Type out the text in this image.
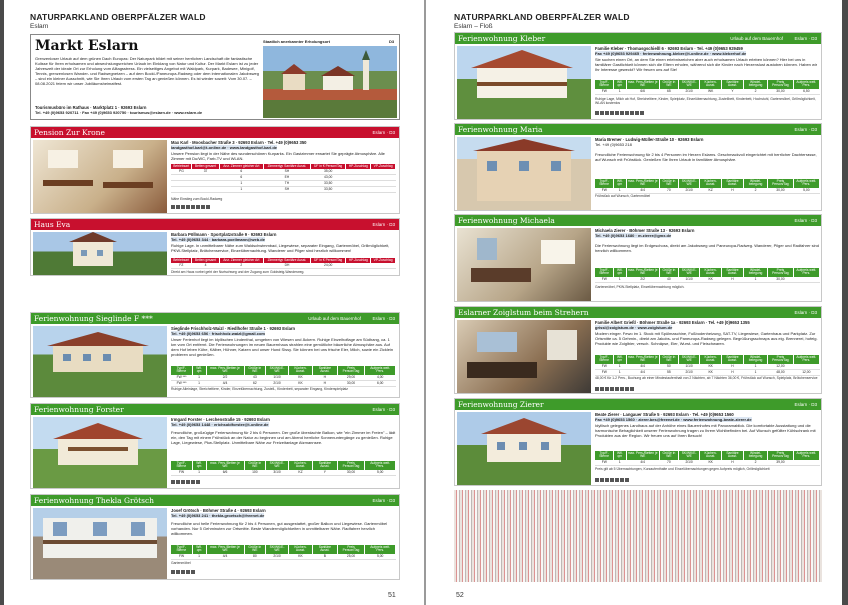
NATURPARKLAND OBERPFÄLZER WALD
Eslarn
Markt Eslarn
Grenzenloser Urlaub auf dem grünen Dach Europas: Der Naturpark bildet mit seiner herrlichen Landschaft die fantastische Kulisse für Ihren erholsamen und abwechslungsreichen Urlaub im Einklang von Natur und Kultur. Der Markt Eslarn ist zu jeder Jahreszeit der ideale Ort zur Erholung vom Alltagsstress. Ein vielseitiges Angebot mit Waldpark, Kurpark, Badesee, Minigolf, Tennis, grenzenlosen Wander- und Radwegnetzen – auf dem Bockl-/Paneuropa-Radweg oder dem internationalen Jakobsweg – sind ein kleiner Ausschnitt, wie Sie Ihren Urlaub vom ersten Tag an genießen können. Es ist wieder soweit: Vom 30.07. – 08.08.2021 feiern wir unser Jubiläumsheimatfest.
Tourismusbüro im Rathaus · Marktplatz 1 · 92693 Eslarn
Tel. +49 (0)9653 920711 · Fax +49 (0)9653 920750 · tourismus@eslarn.de · www.eslarn.de
Staatlich anerkannter Erholungsort	D3
Pension Zur Krone	Eslarn · D3
Max Karl · Moosbacher Straße 3 · 92693 Eslarn · Tel. +49 (0)9653 350
landgasthof-karl@t-online.de · www.landgasthof-karl.de
Unsere Pension liegt in der Nähe des wunderschönen Kurparks. Ein Gastzimmer erwartet Sie geprägte Atmosphäre. Alle Zimmer mit Du/WC, Farb-TV und WLAN.
Betriebsart	Betten gesamt	Anz. Zimmer gleicher Art	Zimmertyp Sanitäre Ausst.	ÜF in € Person/Tag	HP-Zuschlag	VP-Zuschlag
PG	37	6	SH	35,00		
		6	EH	43,00		
		1	TH	33,50		
		1	SH	33,50		
Nähe Einstieg zum Bockl-Radweg
Haus Eva	Eslarn · D3
Barbara Pöllmann · Sportplatzstraße 9 · 92693 Eslarn
Tel. +49 (0)9653 344 · barbara.poellmann@web.de
Ruhige Lage. In unmittelbarer Nähe zum Waldschwimmbad, Liegewiese, separater Eingang, Gartenmöbel, Grillmöglichkeit, PKW-Stellplatz, Brötchenservice, Einzelübernachtung. Wanderer und Pilger sind herzlich willkommen!
Betriebsart	Betten gesamt	Anz. Zimmer gleicher Art	Zimmertyp Sanitäre Ausst.	ÜF in € Person/Tag	HP-Zuschlag	VP-Zuschlag
FZ	4	2	DH	24,00		
Direkt am Haus vorbei geht der Nurtschweg und der Zugang zum Goldsteig-Wanderweg.
Ferienwohnung Sieglinde F ***	Urlaub auf dem Bauernhof	Eslarn · D3
Sieglinde Frischholz-Waizl · Riedlhofer Straße 1 · 92693 Eslarn
Tel. +49 (0)9653 656 · frischholz.waizl@gmail.com
Unser Ferienhof liegt im Idyllischen Lindenthal, umgeben von Wiesen und Äckern. Ruhige Einzelhoflage am Südhang, ca. 1 km vom Ort entfernt. Die Ferienwohnungen im neuen Bauernhaus strahlen eine gemütliche bäuerliche Atmosphäre aus. Auf dem Hof leben Kühe, Kälber, Hühner, Katzen und unser Hund Sissy. Sie können bei uns frische Eier, Milch, sowie ein Zicklein probieren und genießen.
Typ/F-Sterne	Wfl. qm	max. Pers./Betten je WE	Größe in WE	SK/WK/E-WE	Küchen-Ausst.	Sanitäre Ausst.	Preis Person/Tag	Aufpreis weit. Pers.
FW ***	1	2/2	43	1/1/0	KK	H	29,00	4,00
FW ***	1	4/4	62	2/1/0	KK	H	30,00	6,00
Ruhige Alleinlage, Streicheltiere, Kinder, Einzelübernachtung, Zustell-, Kinderbett, separater Eingang, Kinderspielplatz
Ferienwohnung Forster	Eslarn · D3
Irmgard Forster · Lerchenstraße 15 · 92693 Eslarn
Tel. +49 (0)9653 1448 · erichsoldforster@t-online.de
Freundliche, großzügige Ferienwohnung für 2 bis 6 Personen. Der große überdachte Balkon, wie "ein Zimmer im Freien" – lädt ein, den Tag mit einem Frühstück an der Natur zu beginnen und am Abend herrliche Sonnenuntergänge zu genießen. Ruhige Lage, Liegewiese, Pkw-Stellplatz. Unmittelbare Nähe zur Freizeitanlage Atzmannsee.
Typ/F-Sterne	Wfl. qm	max. Pers./Betten je WE	Größe in WE	SK/WK/E-WE	Küchen-Ausst.	Sanitäre Ausst.	Preis Person/Tag	Aufpreis weit. Pers.
FW	1	6/6	100	3/1/0	KZ	Y	30,00	5,00
Ferienwohnung Thekla Grötsch	Eslarn · D3
Josef Grötsch · Böhmer Straße 4 · 92693 Eslarn
Tel. +49 (0)9653 241 · thekla.groetsch@freenet.de
Freundliche und helle Ferienwohnung für 2 bis 4 Personen, gut ausgestattet, großer Balkon und Liegewiese. Gartenmöbel vorhanden. Nur 5 Gehminuten zur Ortsmitte. Beste Wandermöglichkeiten in unmittelbarer Nähe. Radfahrer herzlich willkommen.
Typ/F-Sterne	Wfl. qm	max. Pers./Betten je WE	Größe in WE	SK/WK/E-WE	Küchen-Ausst.	Sanitäre Ausst.	Preis Person/Tag	Aufpreis weit. Pers.
FW	1	4/4	80	2/1/0	KK	B	25,00	5,00
Gartenmöbel
51
NATURPARKLAND OBERPFÄLZER WALD
Eslarn – Floß
Ferienwohnung Kleber	Urlaub auf dem Bauernhof	Eslarn · D3
Familie Kleber · Thomasgschießl 6 · 92693 Eslarn · Tel. +49 (0)9653 929459
Fax +49 (0)9653 929465 · ferienwohnung-kleber@t-online.de · www.kleberhof.de
Sie suchen einen Ort, an dem Sie einen erlebnisreichen aber auch erholsamen Urlaub erleben können? Hier bei uns in familiärer Gastlichkeit können sich die Eltern erholen, während sich die Kinder nach Herzenslust austoben können. Haben wir Ihr Interesse geweckt? Wir freuen uns auf Sie!
Typ/F-Sterne	Wfl. qm	max. Pers./Betten je WE	Größe in WE	SK/WK/E-WE	Küchen-Ausst.	Sanitäre Ausst.	Windel-belegung	Preis Person/Tag	Aufpreis weit. Pers.
FW	1	6/6	65	2/1/0	WK	Y	2	30,00	6,50
Ruhige Lage, Milch ab Hof, Streicheltiere, Kinder, Spielplatz, Einzelübernachtung, Zustellbett, Kinderbett, Hochstuhl, Gartenmöbel, Grillmöglichkeit, WLAN kostenlos
Ferienwohnung Maria	Eslarn · D3
Maria Bremer · Ludwig-Müller-Straße 10 · 92693 Eslarn
Tel. +49 (0)9653 218
Freundliche Ferienwohnung für 2 bis 4 Personen im Herzen Eslarns. Geschmackvoll eingerichtet mit herrlicher Dachterrasse, auf Wunsch mit Frühstück. Genießen Sie Ihren Urlaub in familiärer Atmosphäre.
Typ/F-Sterne	Wfl. qm	max. Pers./Betten je WE	Größe in WE	SK/WK/E-WE	Küchen-Ausst.	Sanitäre Ausst.	Windel-belegung	Preis Person/Tag	Aufpreis weit. Pers.
FW	1	4/4	70	2/1/0	KZ	H	2	30,00	5,00
Frühstück auf Wunsch, Gartenmöbel
Ferienwohnung Michaela	Eslarn · D3
Michaela Zierer · Böhmer Straße 13 · 92693 Eslarn
Tel. +49 (0)9653 1680 · m.zierer@gmx.de
Die Ferienwohnung liegt im Erdgeschoss, direkt am Jakobsweg und Paneuropa-Radweg. Wanderer, Pilger und Radfahrer sind herzlich willkommen.
Typ/F-Sterne	Wfl. qm	max. Pers./Betten je WE	Größe in WE	SK/WK/E-WE	Küchen-Ausst.	Sanitäre Ausst.	Windel-belegung	Preis Person/Tag	Aufpreis weit. Pers.
FW	1	2/2	40	1/1/0	KK	H	1	30,00	
Gartenmöbel, PKW-Stellplatz, Einzelübernachtung möglich.
Eslarner Zoiglstum beim Strehern	Eslarn · D3
Familie Albert Grießl · Böhmer Straße 1a · 92693 Eslarn · Tel. +49 (0)9653 1355
grissl@zoiglstum.de · www.zoiglstum.de
Modern einger. Fewo im 1. Stock mit Spülmaschine, Fußbodenheizung, SAT-TV, Liegewiese, Gartenhaus und Parkplatz. Zur Ortsmitte ca. 5 Gehmin., direkt am Jakobs- und Paneuropa-Radweg gelegen. Begrüßungsschnaps aus eig. Brennerei, hofeig. Produkte wie Zoiglbier, versch. Schnäpse, Eier, Wurst- und Fleischwaren.
Typ/F-Sterne	Wfl. qm	max. Pers./Betten je WE	Größe in WE	SK/WK/E-WE	Küchen-Ausst.	Sanitäre Ausst.	Windel-belegung	Preis Person/Tag	Aufpreis weit. Pers.
FW	1	4/4	50	1/1/0	KK	H	1	12,00	
FW	1	4/4	55	2/1/0	KK	H	1	48,00	12,00
48,00 € für 1-2 Pers., Buchung ab einer Mindestaufenthalt von 2 Nächten, ab 7 Nächten 36,00 €, Frühstück auf Wunsch, Spielplatz, Brötchenservice
Ferienwohnung Zierer	Eslarn · D3
Beate Zierer · Langauer Straße 5 · 92693 Eslarn · Tel. +49 (0)9653 1560
Fax +49 (0)9653 1560 · zierer.bes@freenet.de · www.ferienwohnung-beate-zierer.de
Idyllisch gelegenes Landhaus auf der Anhöhe eines Bauernhofes mit Panoramablick. Die komfortable Ausstattung und die harmonische Behaglichkeit unserer Ferienwohnung tragen zu Ihrem Wohlbefinden bei. Auf Wunsch gefüllter Kühlschrank mit Produkten aus der Region. Wir freuen uns auf Ihren Besuch!
Typ/F-Sterne	Wfl. qm	max. Pers./Betten je WE	Größe in WE	SK/WK/E-WE	Küchen-Ausst.	Sanitäre Ausst.	Windel-belegung	Preis Person/Tag	Aufpreis weit. Pers.
FW	1	4/4	70	2/1/0	KK	H	2	39,00	
Preis gilt ab 5 Übernachtungen, Kurzaufenthalte und Einzelübernachtungen gegen Aufpreis möglich, Grillmöglichkeit
52
